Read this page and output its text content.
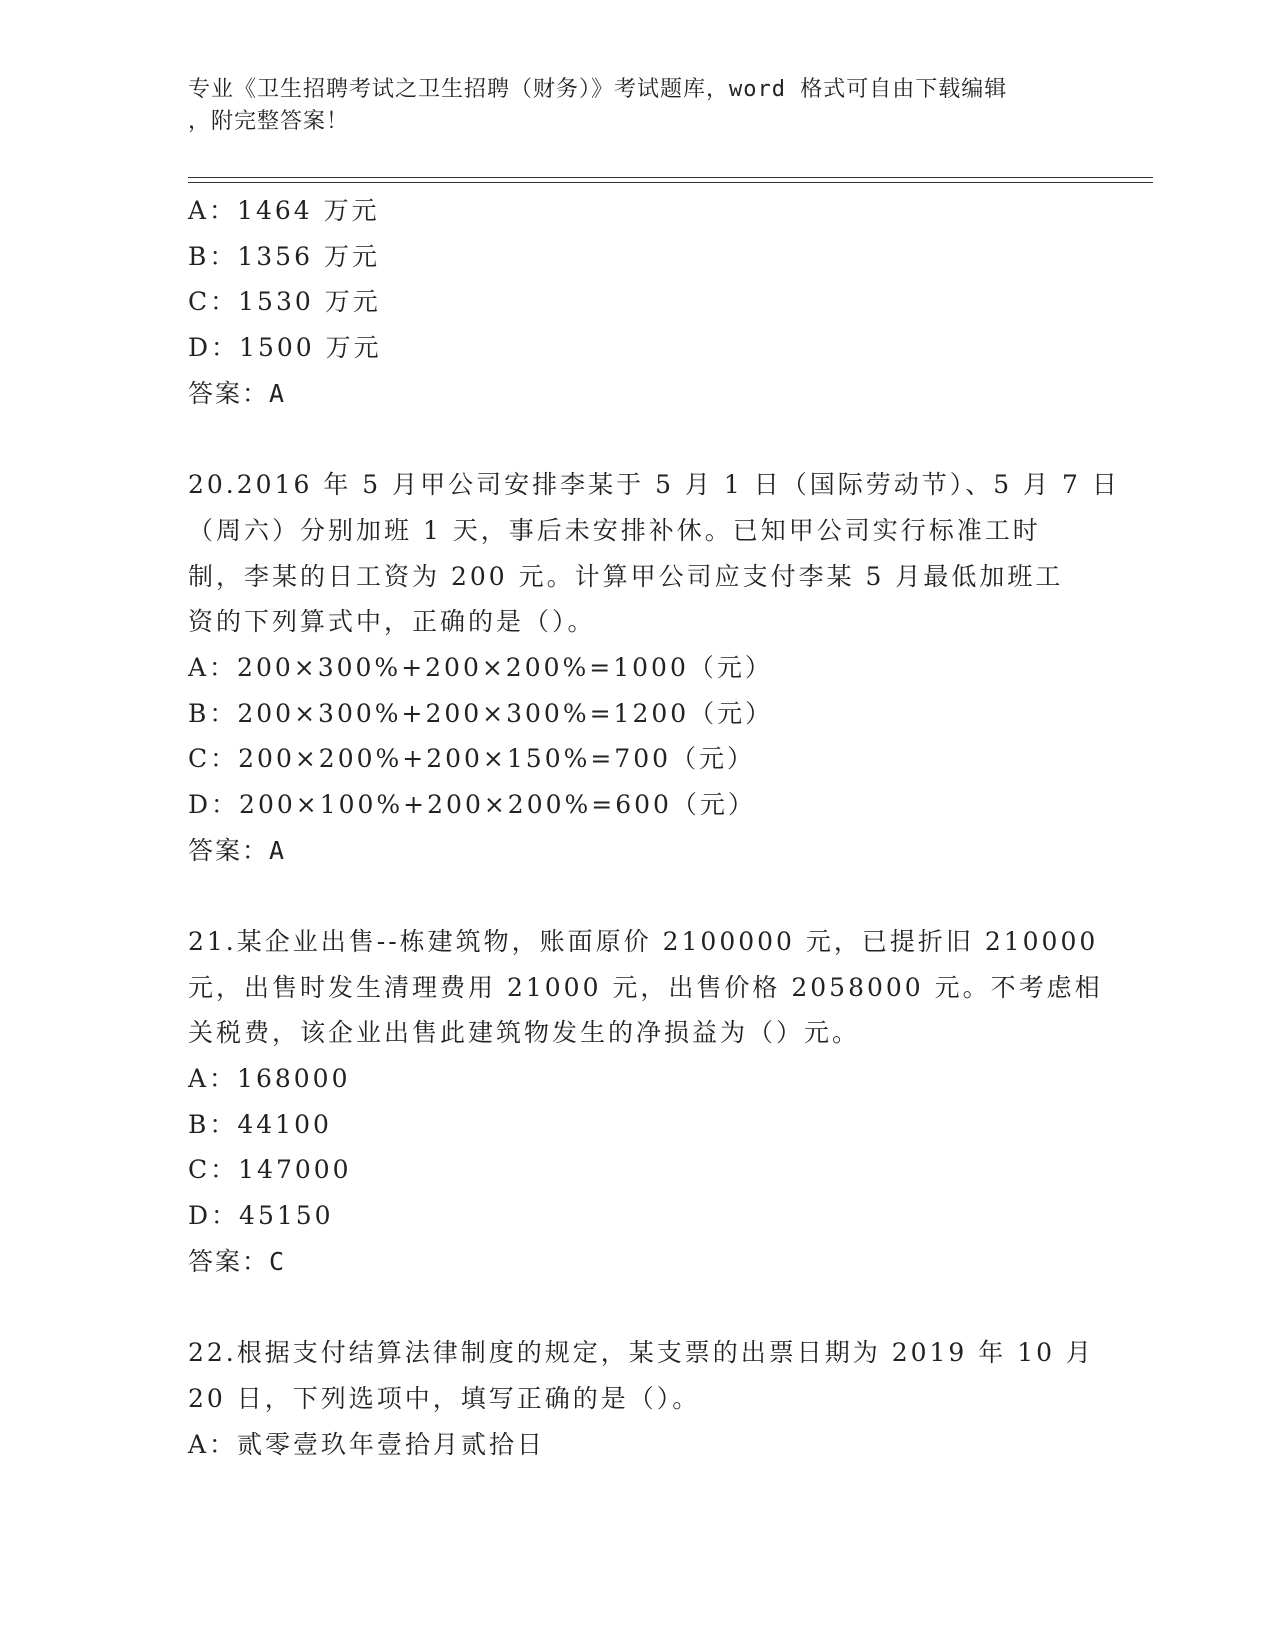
专业《卫生招聘考试之卫生招聘（财务）》考试题库，word 格式可自由下载编辑
，附完整答案！
A：1464 万元
B：1356 万元
C：1530 万元
D：1500 万元
答案：A
20.2016 年 5 月甲公司安排李某于 5 月 1 日（国际劳动节）、5 月 7 日
（周六）分别加班 1 天，事后未安排补休。已知甲公司实行标准工时
制，李某的日工资为 200 元。计算甲公司应支付李某 5 月最低加班工
资的下列算式中，正确的是（）。
A：200×300%+200×200%=1000（元）
B：200×300%+200×300%=1200（元）
C：200×200%+200×150%=700（元）
D：200×100%+200×200%=600（元）
答案：A
21.某企业出售--栋建筑物，账面原价 2100000 元，已提折旧 210000
元，出售时发生清理费用 21000 元，出售价格 2058000 元。不考虑相
关税费，该企业出售此建筑物发生的净损益为（）元。
A：168000
B：44100
C：147000
D：45150
答案：C
22.根据支付结算法律制度的规定，某支票的出票日期为 2019 年 10 月
20 日，下列选项中，填写正确的是（）。
A：贰零壹玖年壹拾月贰拾日
